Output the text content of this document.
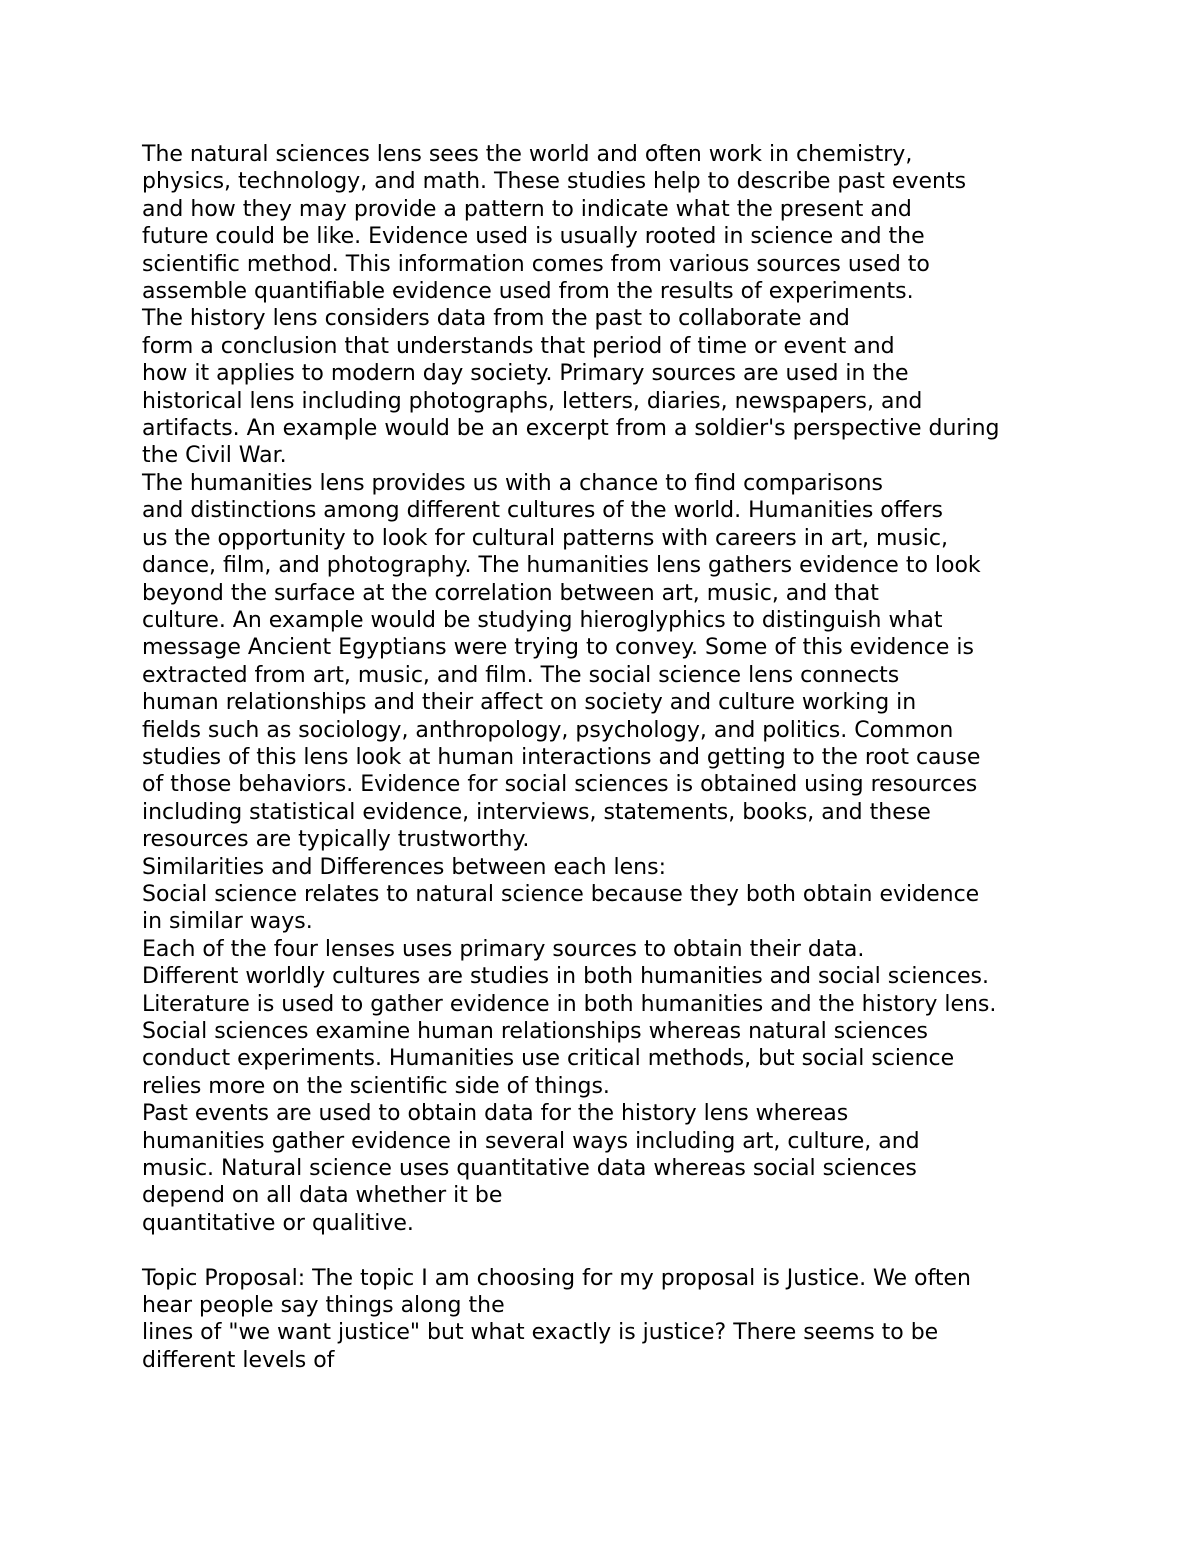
The natural sciences lens sees the world and often work in chemistry,
physics, technology, and math. These studies help to describe past events
and how they may provide a pattern to indicate what the present and
future could be like. Evidence used is usually rooted in science and the
scientific method. This information comes from various sources used to
assemble quantifiable evidence used from the results of experiments.

The history lens considers data from the past to collaborate and
form a conclusion that understands that period of time or event and
how it applies to modern day society. Primary sources are used in the
historical lens including photographs, letters, diaries, newspapers, and
artifacts. An example would be an excerpt from a soldier's perspective during
the Civil War.

The humanities lens provides us with a chance to find comparisons
and distinctions among different cultures of the world. Humanities offers
us the opportunity to look for cultural patterns with careers in art, music,
dance, film, and photography. The humanities lens gathers evidence to look
beyond the surface at the correlation between art, music, and that
culture. An example would be studying hieroglyphics to distinguish what
message Ancient Egyptians were trying to convey. Some of this evidence is
extracted from art, music, and film. The social science lens connects
human relationships and their affect on society and culture working in
fields such as sociology, anthropology, psychology, and politics. Common
studies of this lens look at human interactions and getting to the root cause
of those behaviors. Evidence for social sciences is obtained using resources
including statistical evidence, interviews, statements, books, and these
resources are typically trustworthy.

Similarities and Differences between each lens:

Social science relates to natural science because they both obtain evidence
in similar ways.

Each of the four lenses uses primary sources to obtain their data.

Different worldly cultures are studies in both humanities and social sciences.

Literature is used to gather evidence in both humanities and the history lens.

Social sciences examine human relationships whereas natural sciences
conduct experiments. Humanities use critical methods, but social science
relies more on the scientific side of things.

Past events are used to obtain data for the history lens whereas
humanities gather evidence in several ways including art, culture, and
music. Natural science uses quantitative data whereas social sciences
depend on all data whether it be
quantitative or qualitive.

Topic Proposal: The topic I am choosing for my proposal is Justice. We often
hear people say things along the
lines of "we want justice" but what exactly is justice? There seems to be
different levels of
